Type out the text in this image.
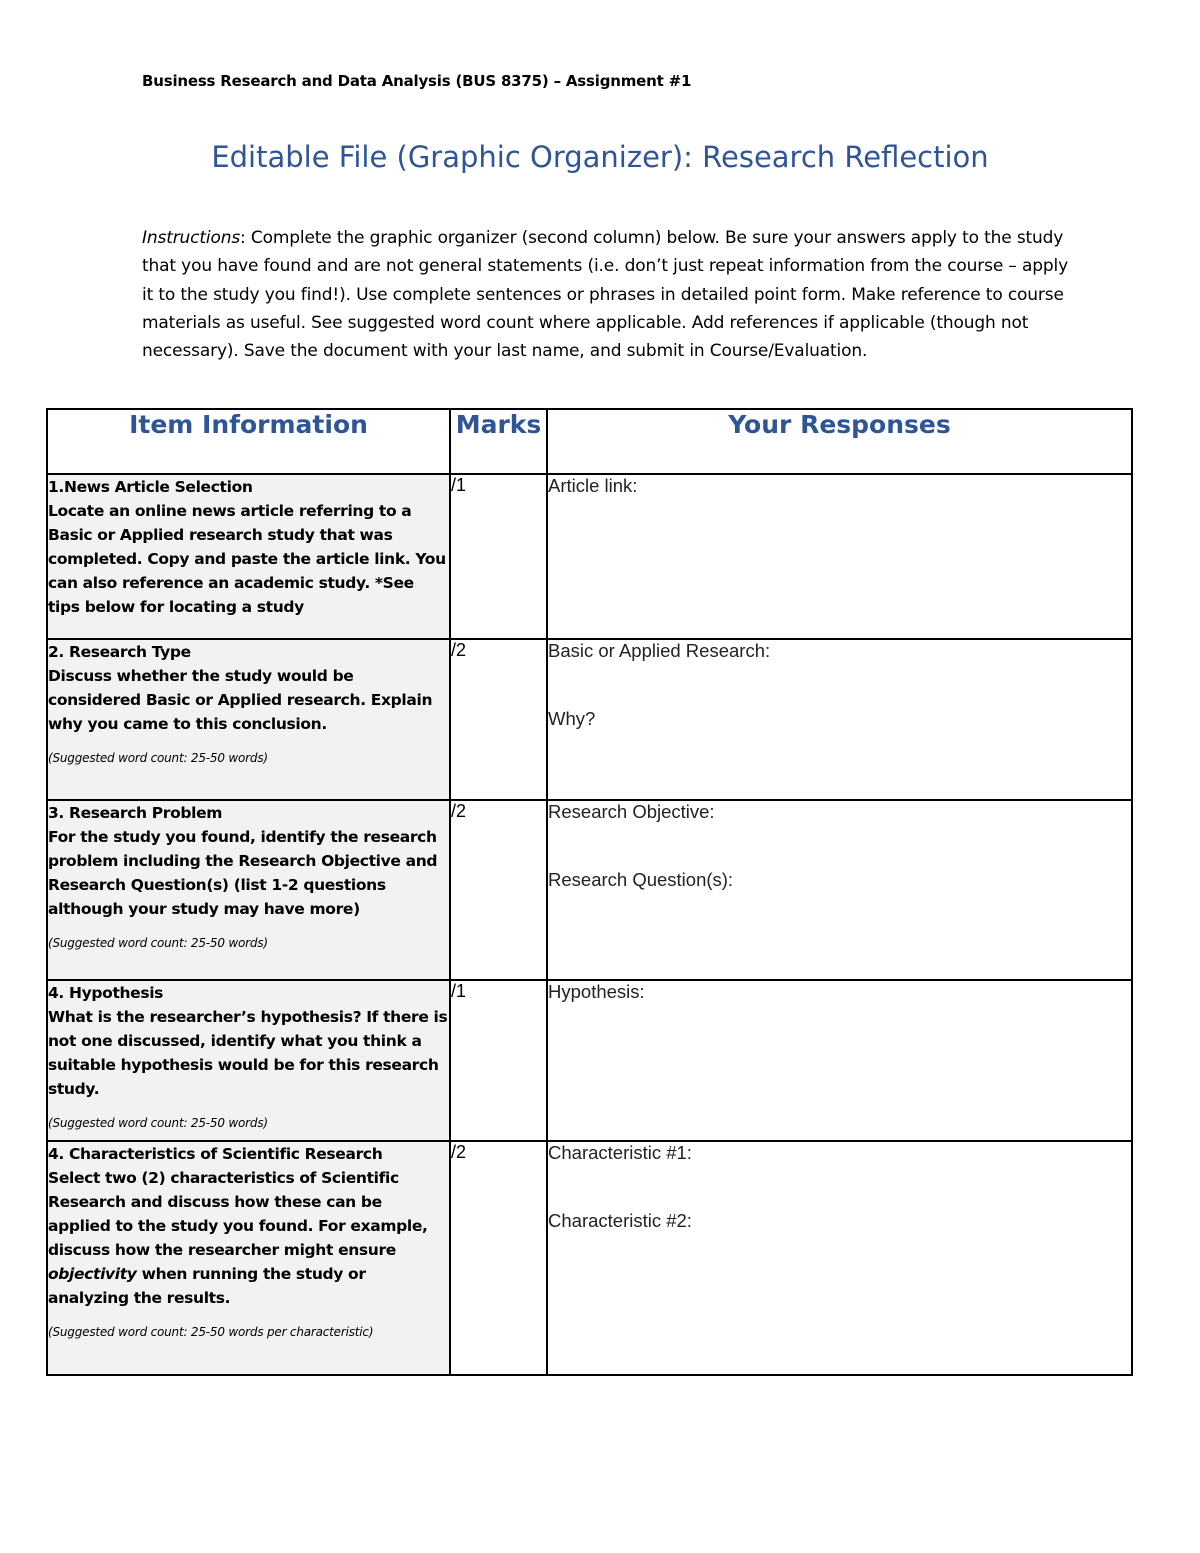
Business Research and Data Analysis (BUS 8375) – Assignment #1
Editable File (Graphic Organizer): Research Reflection
Instructions: Complete the graphic organizer (second column) below. Be sure your answers apply to the study that you have found and are not general statements (i.e. don’t just repeat information from the course – apply it to the study you find!). Use complete sentences or phrases in detailed point form. Make reference to course materials as useful. See suggested word count where applicable. Add references if applicable (though not necessary). Save the document with your last name, and submit in Course/Evaluation.
Item Information	Marks	Your Responses

1.News Article Selection
Locate an online news article referring to a Basic or Applied research study that was completed. Copy and paste the article link. You can also reference an academic study. *See tips below for locating a study	/1	Article link:

2. Research Type
Discuss whether the study would be considered Basic or Applied research. Explain why you came to this conclusion.
(Suggested word count: 25-50 words)	/2	Basic or Applied Research:
Why?

3. Research Problem
For the study you found, identify the research problem including the Research Objective and Research Question(s) (list 1-2 questions although your study may have more)
(Suggested word count: 25-50 words)	/2	Research Objective:
Research Question(s):

4. Hypothesis
What is the researcher’s hypothesis? If there is not one discussed, identify what you think a suitable hypothesis would be for this research study.
(Suggested word count: 25-50 words)	/1	Hypothesis:

4. Characteristics of Scientific Research
Select two (2) characteristics of Scientific Research and discuss how these can be applied to the study you found. For example, discuss how the researcher might ensure objectivity when running the study or analyzing the results.
(Suggested word count: 25-50 words per characteristic)	/2	Characteristic #1:
Characteristic #2:
